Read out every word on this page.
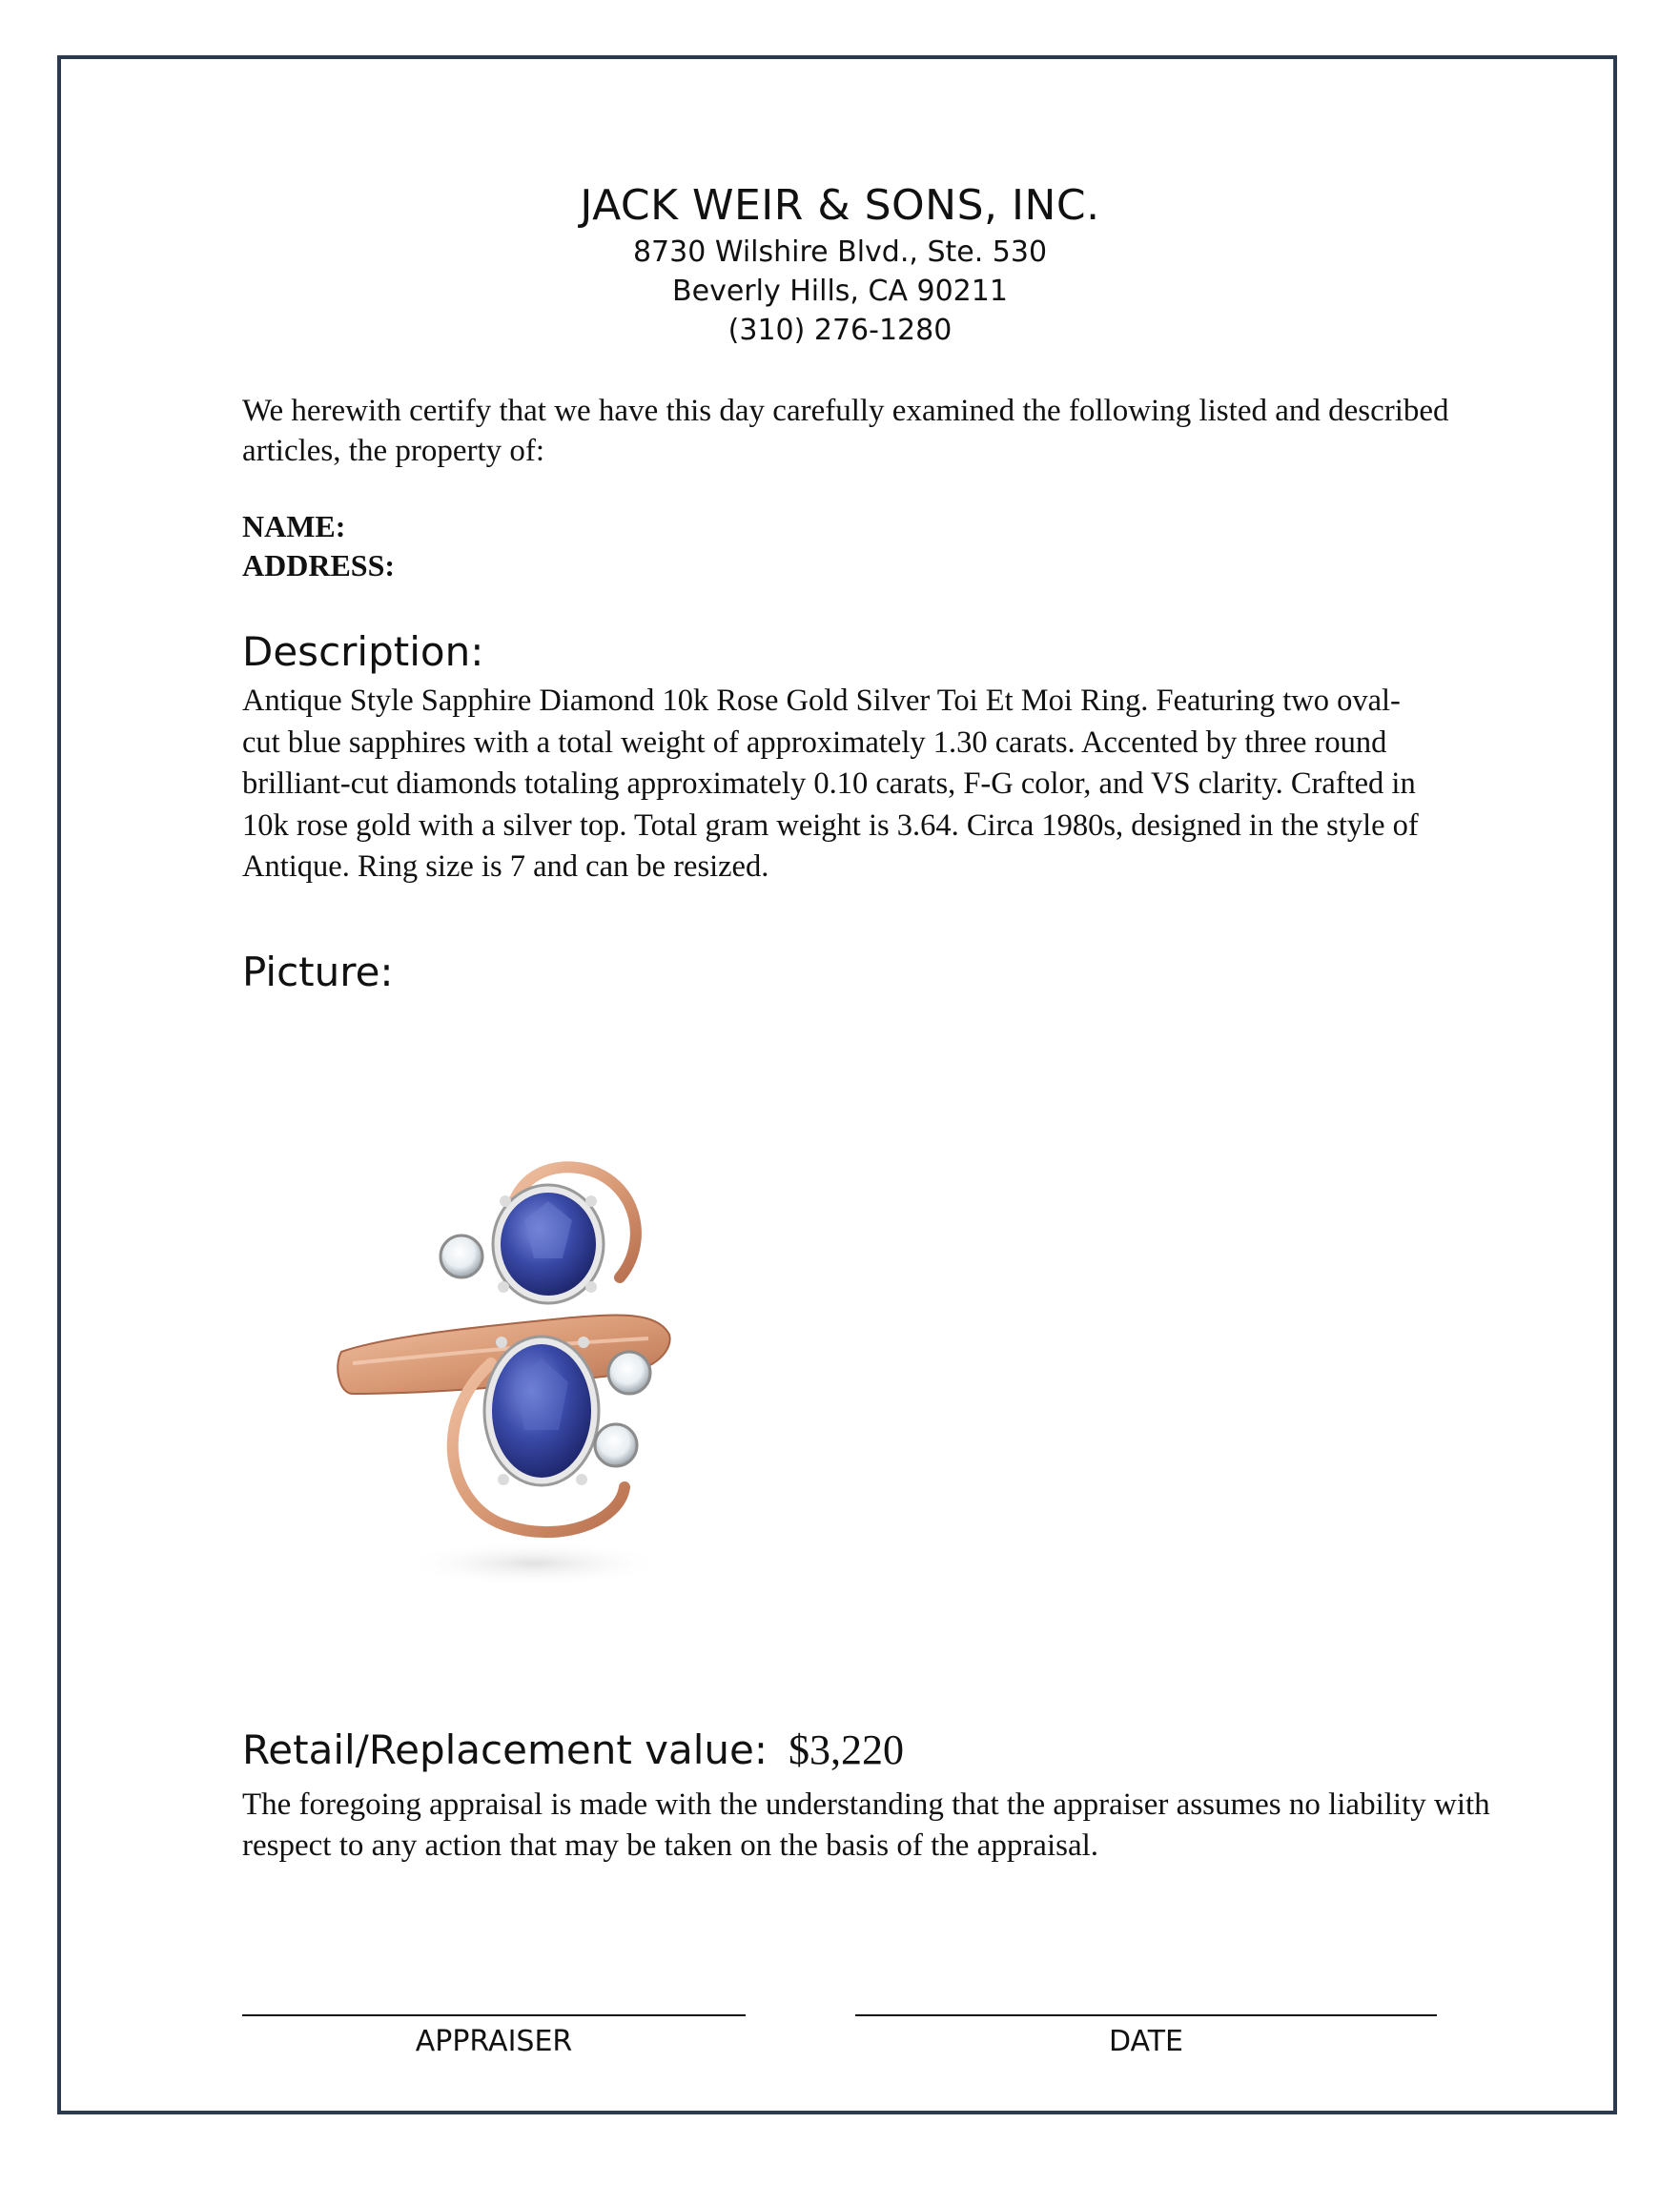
JACK WEIR & SONS, INC.
8730 Wilshire Blvd., Ste. 530
Beverly Hills, CA 90211
(310) 276-1280
We herewith certify that we have this day carefully examined the following listed and described articles, the property of:
NAME:
ADDRESS:
Description:
Antique Style Sapphire Diamond 10k Rose Gold Silver Toi Et Moi Ring. Featuring two oval-cut blue sapphires with a total weight of approximately 1.30 carats. Accented by three round brilliant-cut diamonds totaling approximately 0.10 carats, F-G color, and VS clarity. Crafted in 10k rose gold with a silver top. Total gram weight is 3.64. Circa 1980s, designed in the style of Antique. Ring size is 7 and can be resized.
Picture:
Retail/Replacement value: $3,220
The foregoing appraisal is made with the understanding that the appraiser assumes no liability with respect to any action that may be taken on the basis of the appraisal.
APPRAISER	DATE
